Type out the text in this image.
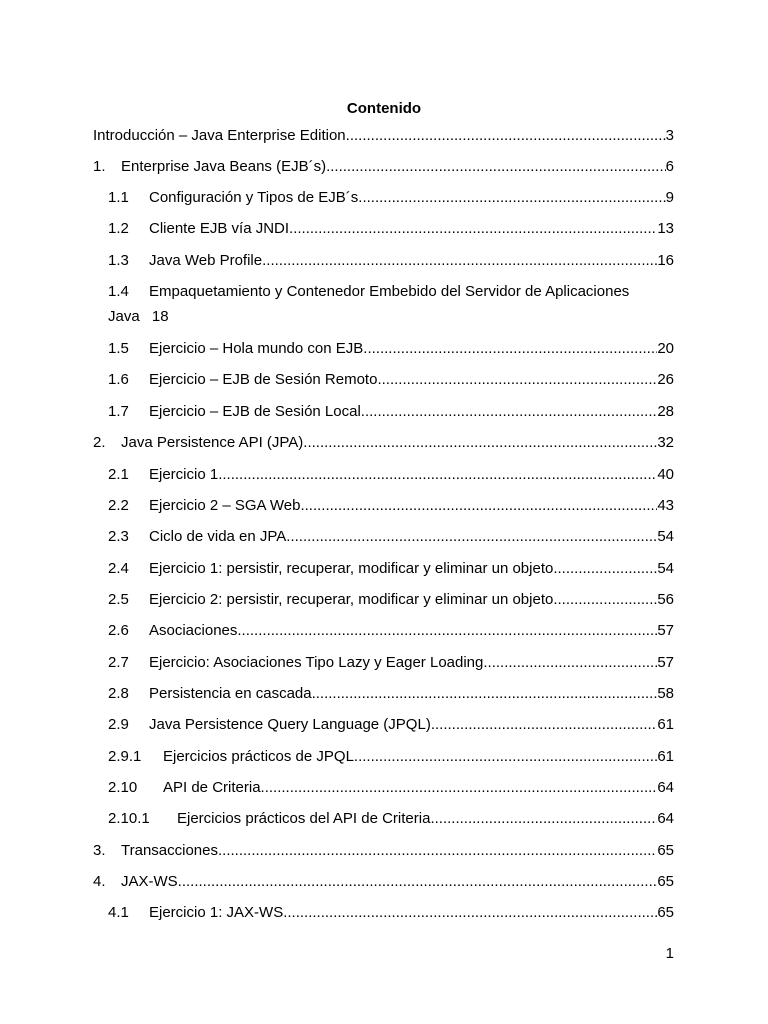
Contenido
Introducción – Java Enterprise Edition .....	3
1.	Enterprise Java Beans (EJB´s) .....	6
1.1	Configuración y Tipos de EJB´s .....	9
1.2	Cliente EJB vía JNDI .....	13
1.3	Java Web Profile .....	16
1.4	Empaquetamiento y Contenedor Embebido del Servidor de Aplicaciones
Java 18
1.5	Ejercicio – Hola mundo con EJB .....	20
1.6	Ejercicio – EJB de Sesión Remoto .....	26
1.7	Ejercicio – EJB de Sesión Local .....	28
2.	Java Persistence API (JPA) .....	32
2.1	Ejercicio 1 .....	40
2.2	Ejercicio 2 – SGA Web .....	43
2.3	Ciclo de vida en JPA .....	54
2.4	Ejercicio 1: persistir, recuperar, modificar y eliminar un objeto .....	54
2.5	Ejercicio 2: persistir, recuperar, modificar y eliminar un objeto .....	56
2.6	Asociaciones .....	57
2.7	Ejercicio: Asociaciones Tipo Lazy y Eager Loading .....	57
2.8	Persistencia en cascada .....	58
2.9	Java Persistence Query Language (JPQL) .....	61
2.9.1	Ejercicios prácticos de JPQL .....	61
2.10	API de Criteria .....	64
2.10.1	Ejercicios prácticos del API de Criteria .....	64
3.	Transacciones .....	65
4.	JAX-WS .....	65
4.1	Ejercicio 1: JAX-WS .....	65
1
